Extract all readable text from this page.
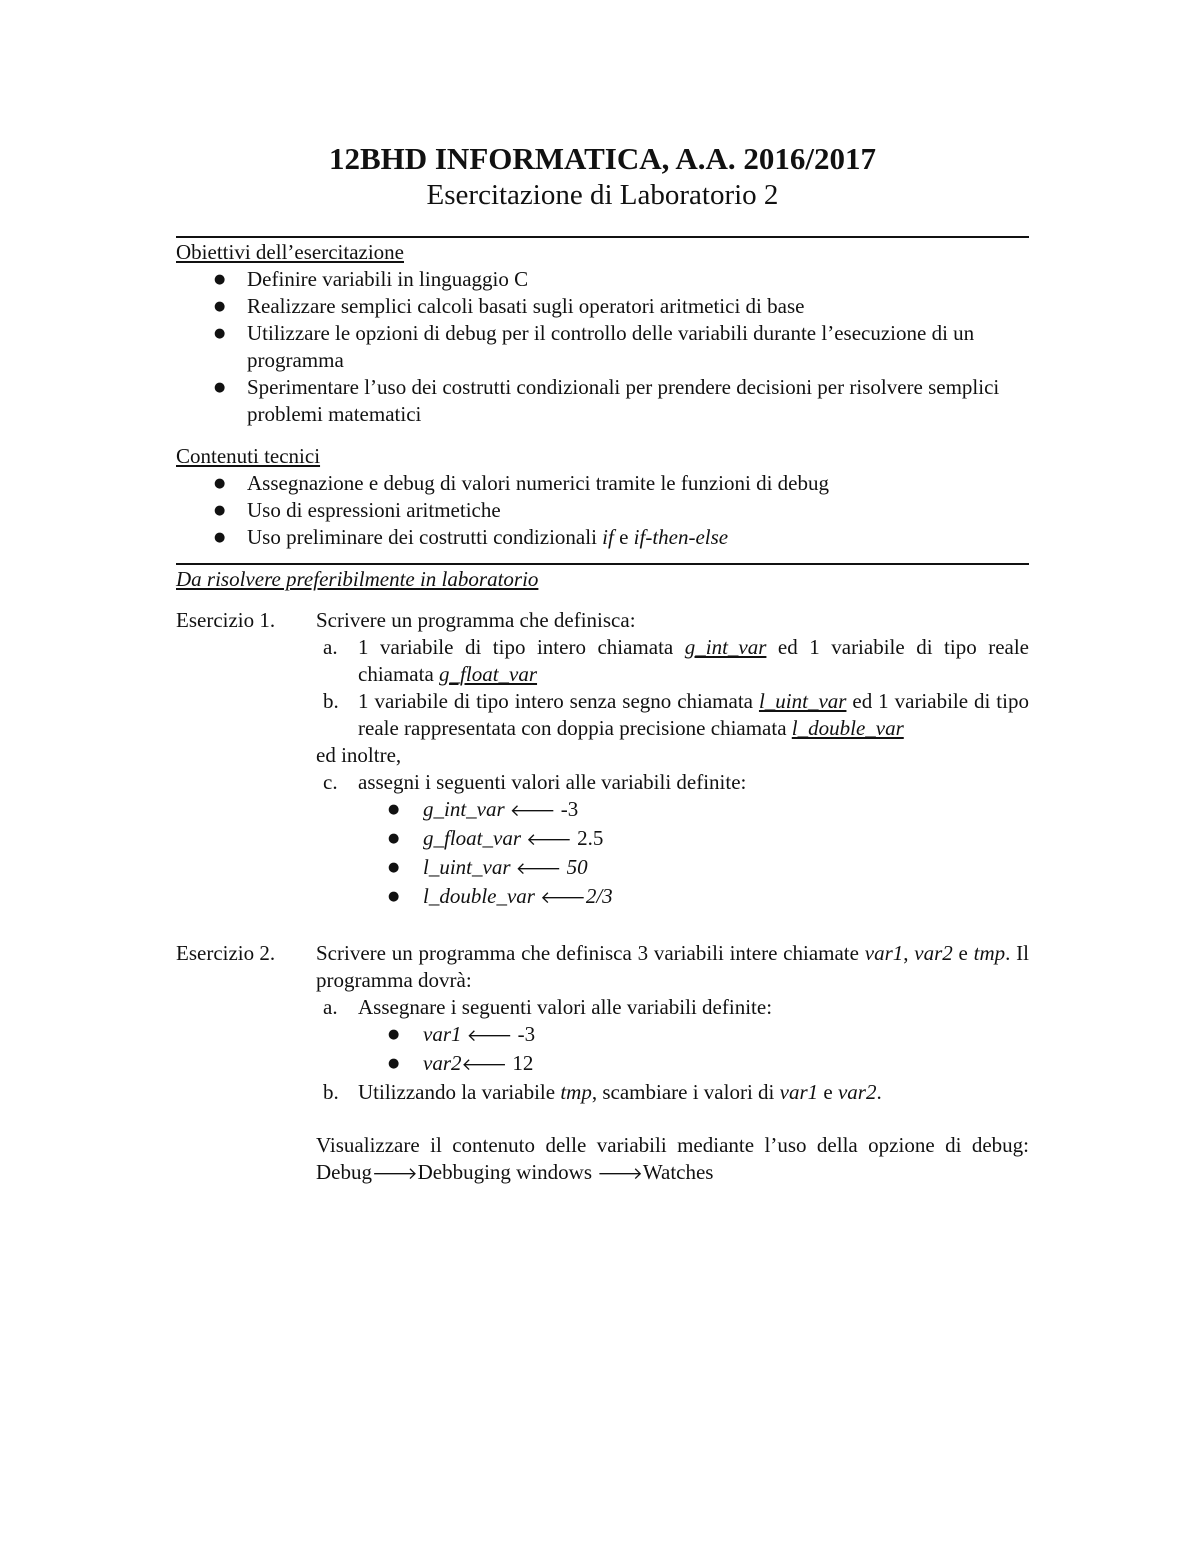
12BHD INFORMATICA, A.A. 2016/2017
Esercitazione di Laboratorio 2
Obiettivi dell’esercitazione
● Definire variabili in linguaggio C
● Realizzare semplici calcoli basati sugli operatori aritmetici di base
● Utilizzare le opzioni di debug per il controllo delle variabili durante l’esecuzione di un programma
● Sperimentare l’uso dei costrutti condizionali per prendere decisioni per risolvere semplici problemi matematici
Contenuti tecnici
● Assegnazione e debug di valori numerici tramite le funzioni di debug
● Uso di espressioni aritmetiche
● Uso preliminare dei costrutti condizionali if e if-then-else
Da risolvere preferibilmente in laboratorio
Esercizio 1. Scrivere un programma che definisca:
a. 1 variabile di tipo intero chiamata g_int_var ed 1 variabile di tipo reale chiamata g_float_var
b. 1 variabile di tipo intero senza segno chiamata l_uint_var ed 1 variabile di tipo reale rappresentata con doppia precisione chiamata l_double_var
ed inoltre,
c. assegni i seguenti valori alle variabili definite:
● g_int_var 🡐 -3
● g_float_var 🡐 2.5
● l_uint_var 🡐 50
● l_double_var 🡐2/3
Esercizio 2. Scrivere un programma che definisca 3 variabili intere chiamate var1, var2 e tmp. Il programma dovrà:
a. Assegnare i seguenti valori alle variabili definite:
● var1 🡐 -3
● var2🡐 12
b. Utilizzando la variabile tmp, scambiare i valori di var1 e var2.
Visualizzare il contenuto delle variabili mediante l’uso della opzione di debug: Debug🡒Debbuging windows 🡒Watches
